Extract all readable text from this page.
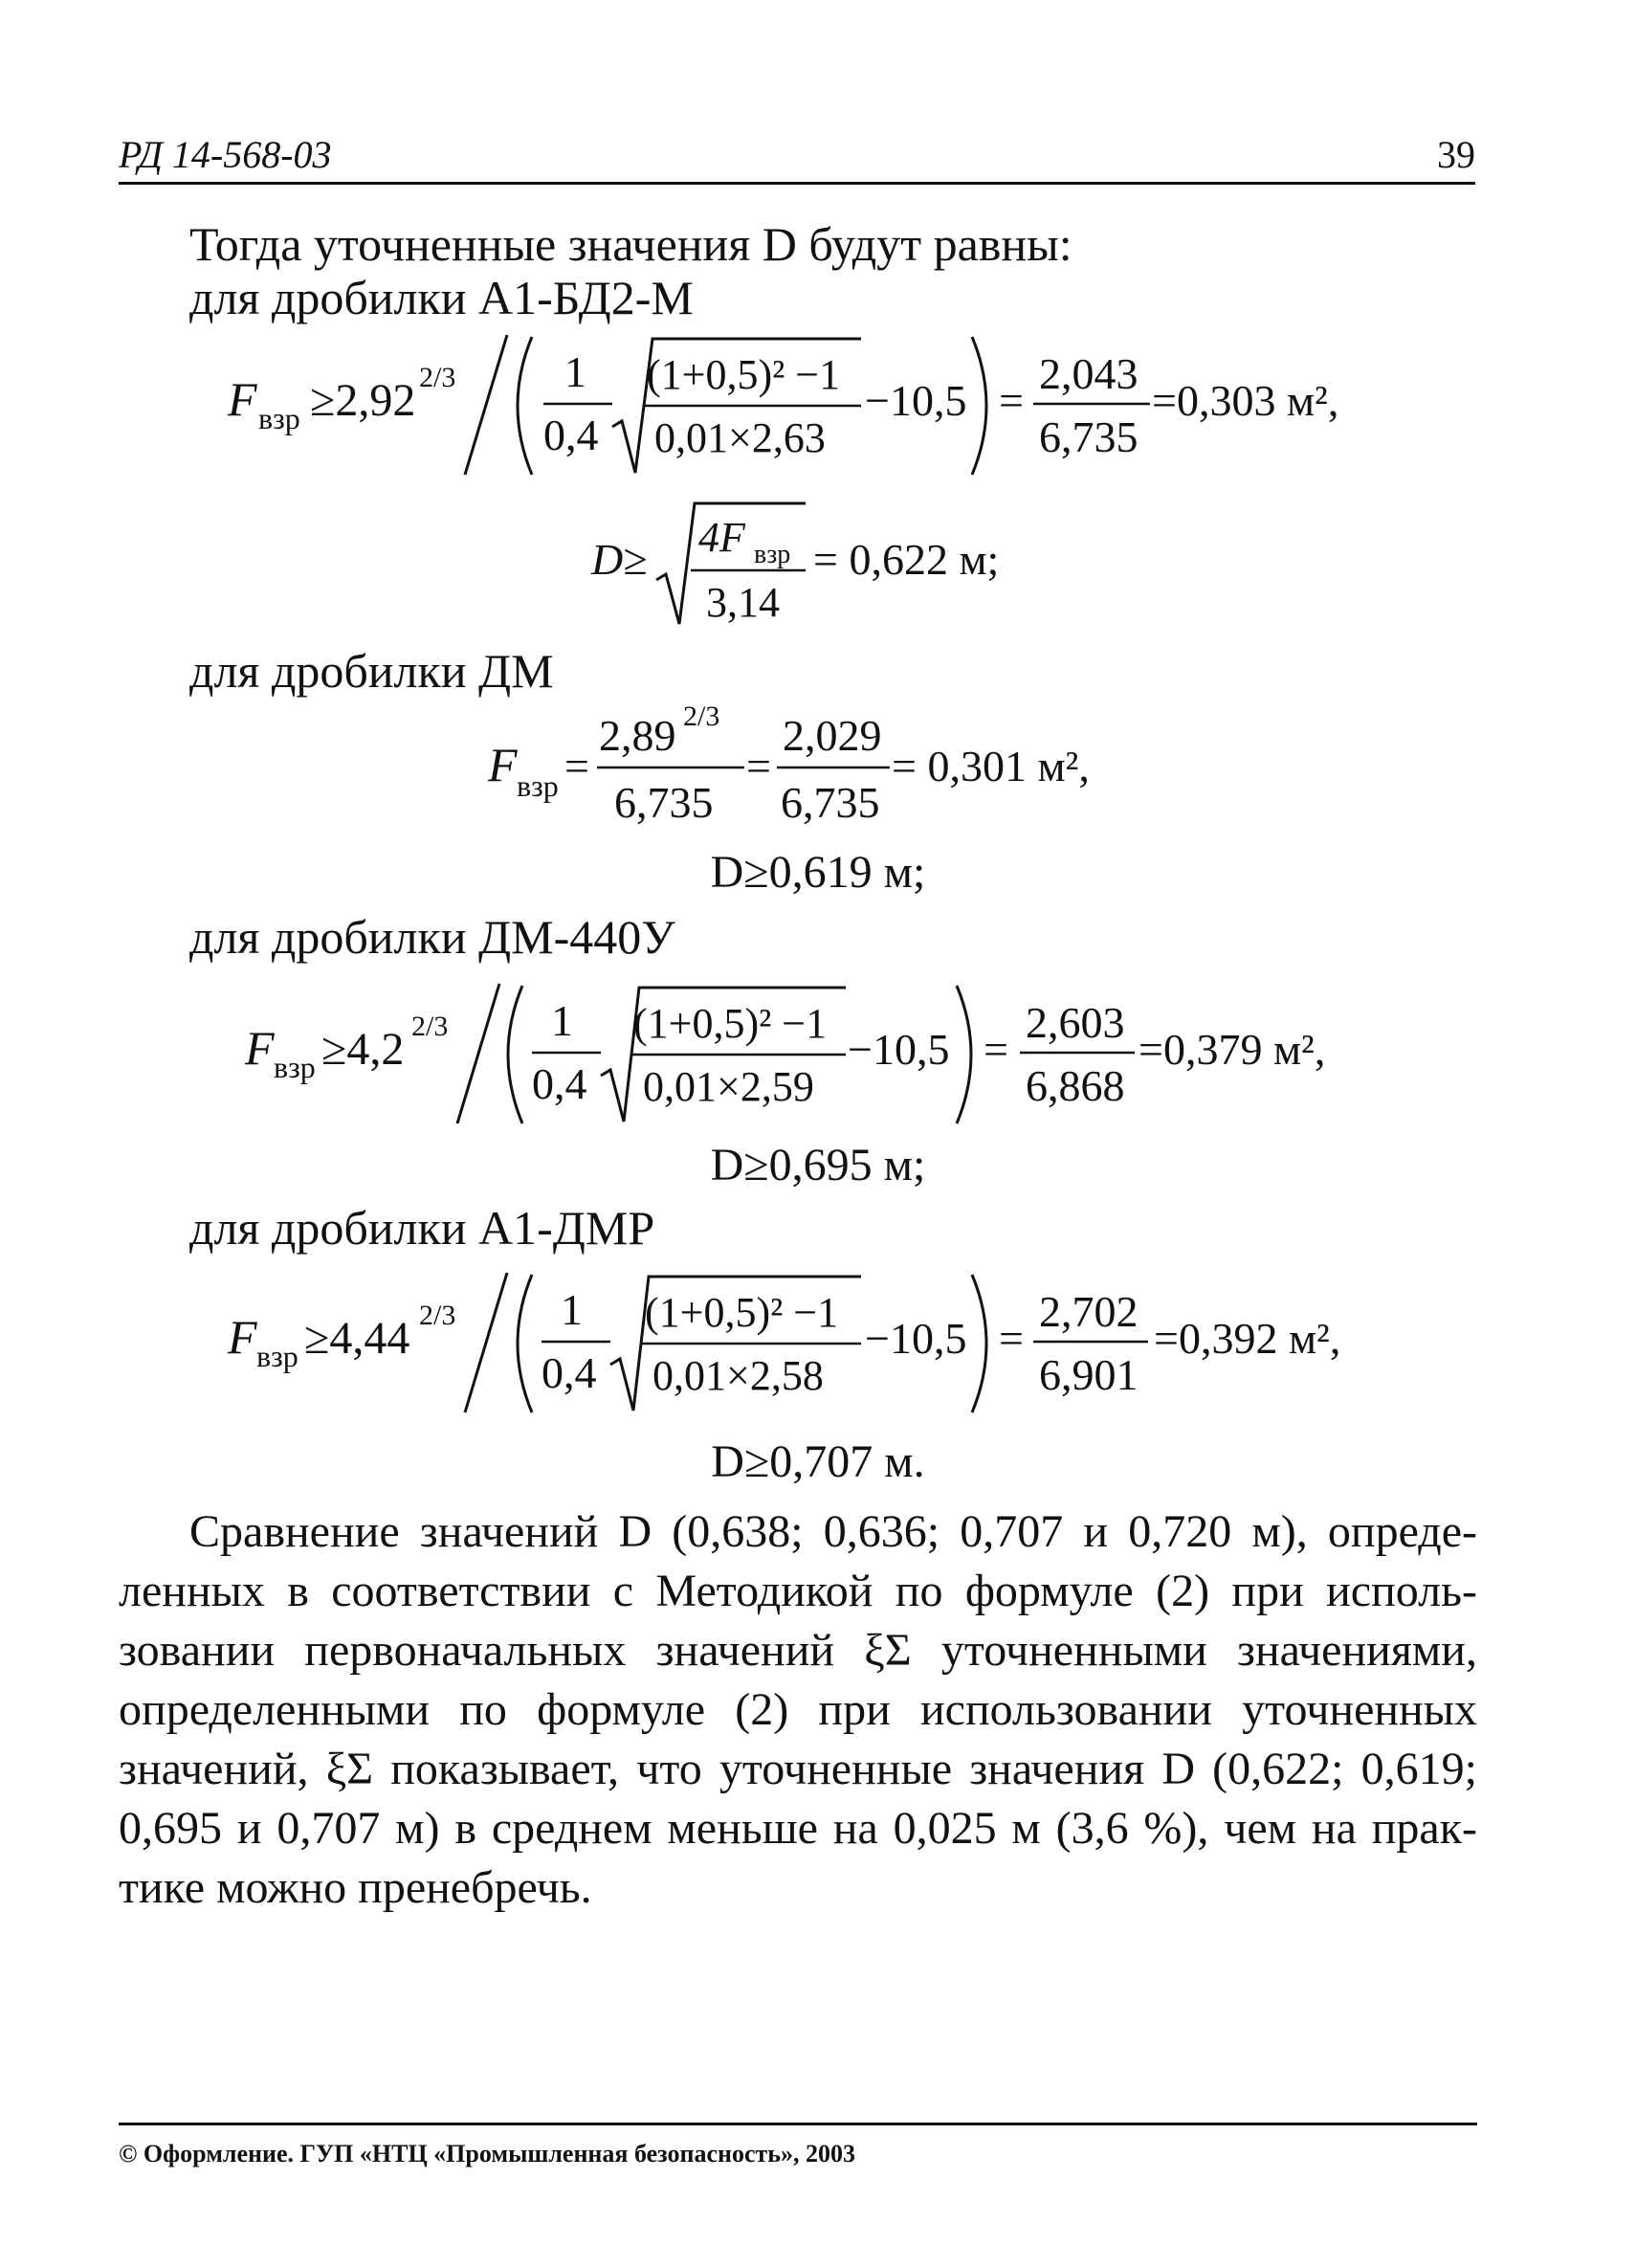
РД 14-568-03	39
Тогда уточненные значения D будут равны:
для дробилки А1-БД2-М
F взр ≥2,92 2/3 1
0,4
(1+0,5)² −1
0,01×2,63
−10,5 =
2,043
6,735
=0,303 м²,
D≥ 4F взр
3,14
= 0,622 м;
для дробилки ДМ
F взр =
2,89 2/3
6,735
=
2,029
6,735
= 0,301 м²,
D≥0,619 м;
для дробилки ДМ-440У
F взр ≥4,2 2/3 1
0,4
(1+0,5)² −1
0,01×2,59
−10,5 =
2,603
6,868
=0,379 м²,
D≥0,695 м;
для дробилки А1-ДМР
F взр ≥4,44 2/3 1
0,4
(1+0,5)² −1
0,01×2,58
−10,5 =
2,702
6,901
=0,392 м²,
D≥0,707 м.
Сравнение значений D (0,638; 0,636; 0,707 и 0,720 м), опреде-
ленных в соответствии с Методикой по формуле (2) при исполь-
зовании первоначальных значений ξΣ уточненными значениями,
определенными по формуле (2) при использовании уточненных
значений, ξΣ показывает, что уточненные значения D (0,622; 0,619;
0,695 и 0,707 м) в среднем меньше на 0,025 м (3,6 %), чем на прак-
тике можно пренебречь.
© Оформление. ГУП «НТЦ «Промышленная безопасность», 2003
